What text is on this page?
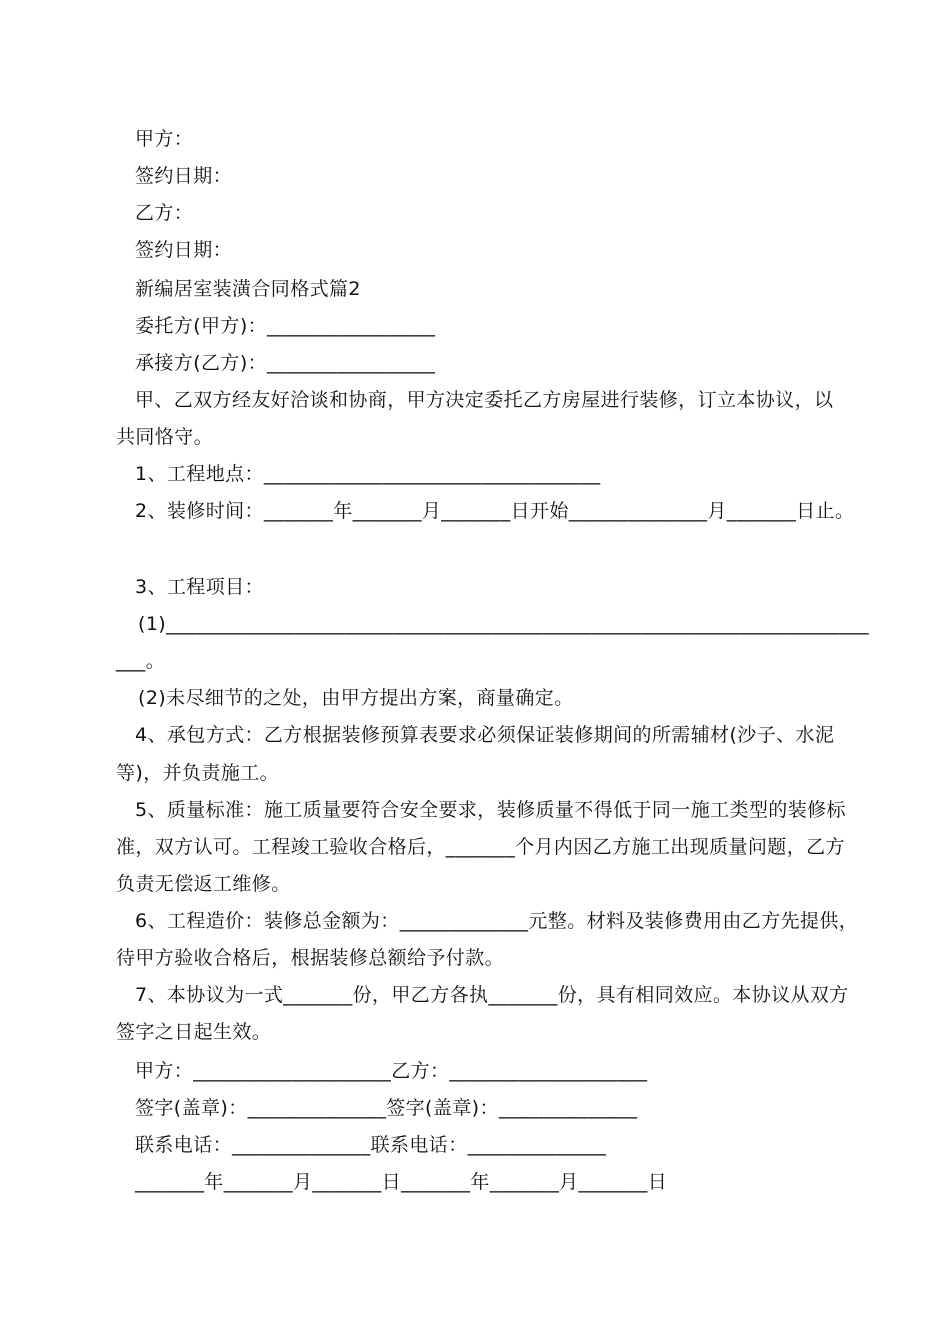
甲方：
签约日期：
乙方：
签约日期：
新编居室装潢合同格式篇2
委托方(甲方)：_________________
承接方(乙方)：_________________
甲、乙双方经友好洽谈和协商，甲方决定委托乙方房屋进行装修，订立本协议，以
共同恪守。
1、工程地点：__________________________________
2、装修时间：_______年_______月_______日开始______________月_______日止。
3、工程项目：
(1)_______________________________________________________________________
___。
(2)未尽细节的之处，由甲方提出方案，商量确定。
4、承包方式：乙方根据装修预算表要求必须保证装修期间的所需辅材(沙子、水泥
等)，并负责施工。
5、质量标准：施工质量要符合安全要求，装修质量不得低于同一施工类型的装修标
准，双方认可。工程竣工验收合格后，_______个月内因乙方施工出现质量问题，乙方
负责无偿返工维修。
6、工程造价：装修总金额为：_____________元整。材料及装修费用由乙方先提供，
待甲方验收合格后，根据装修总额给予付款。
7、本协议为一式_______份，甲乙方各执_______份，具有相同效应。本协议从双方
签字之日起生效。
甲方：____________________乙方：____________________
签字(盖章)：______________签字(盖章)：______________
联系电话：______________联系电话：______________
_______年_______月_______日_______年_______月_______日
